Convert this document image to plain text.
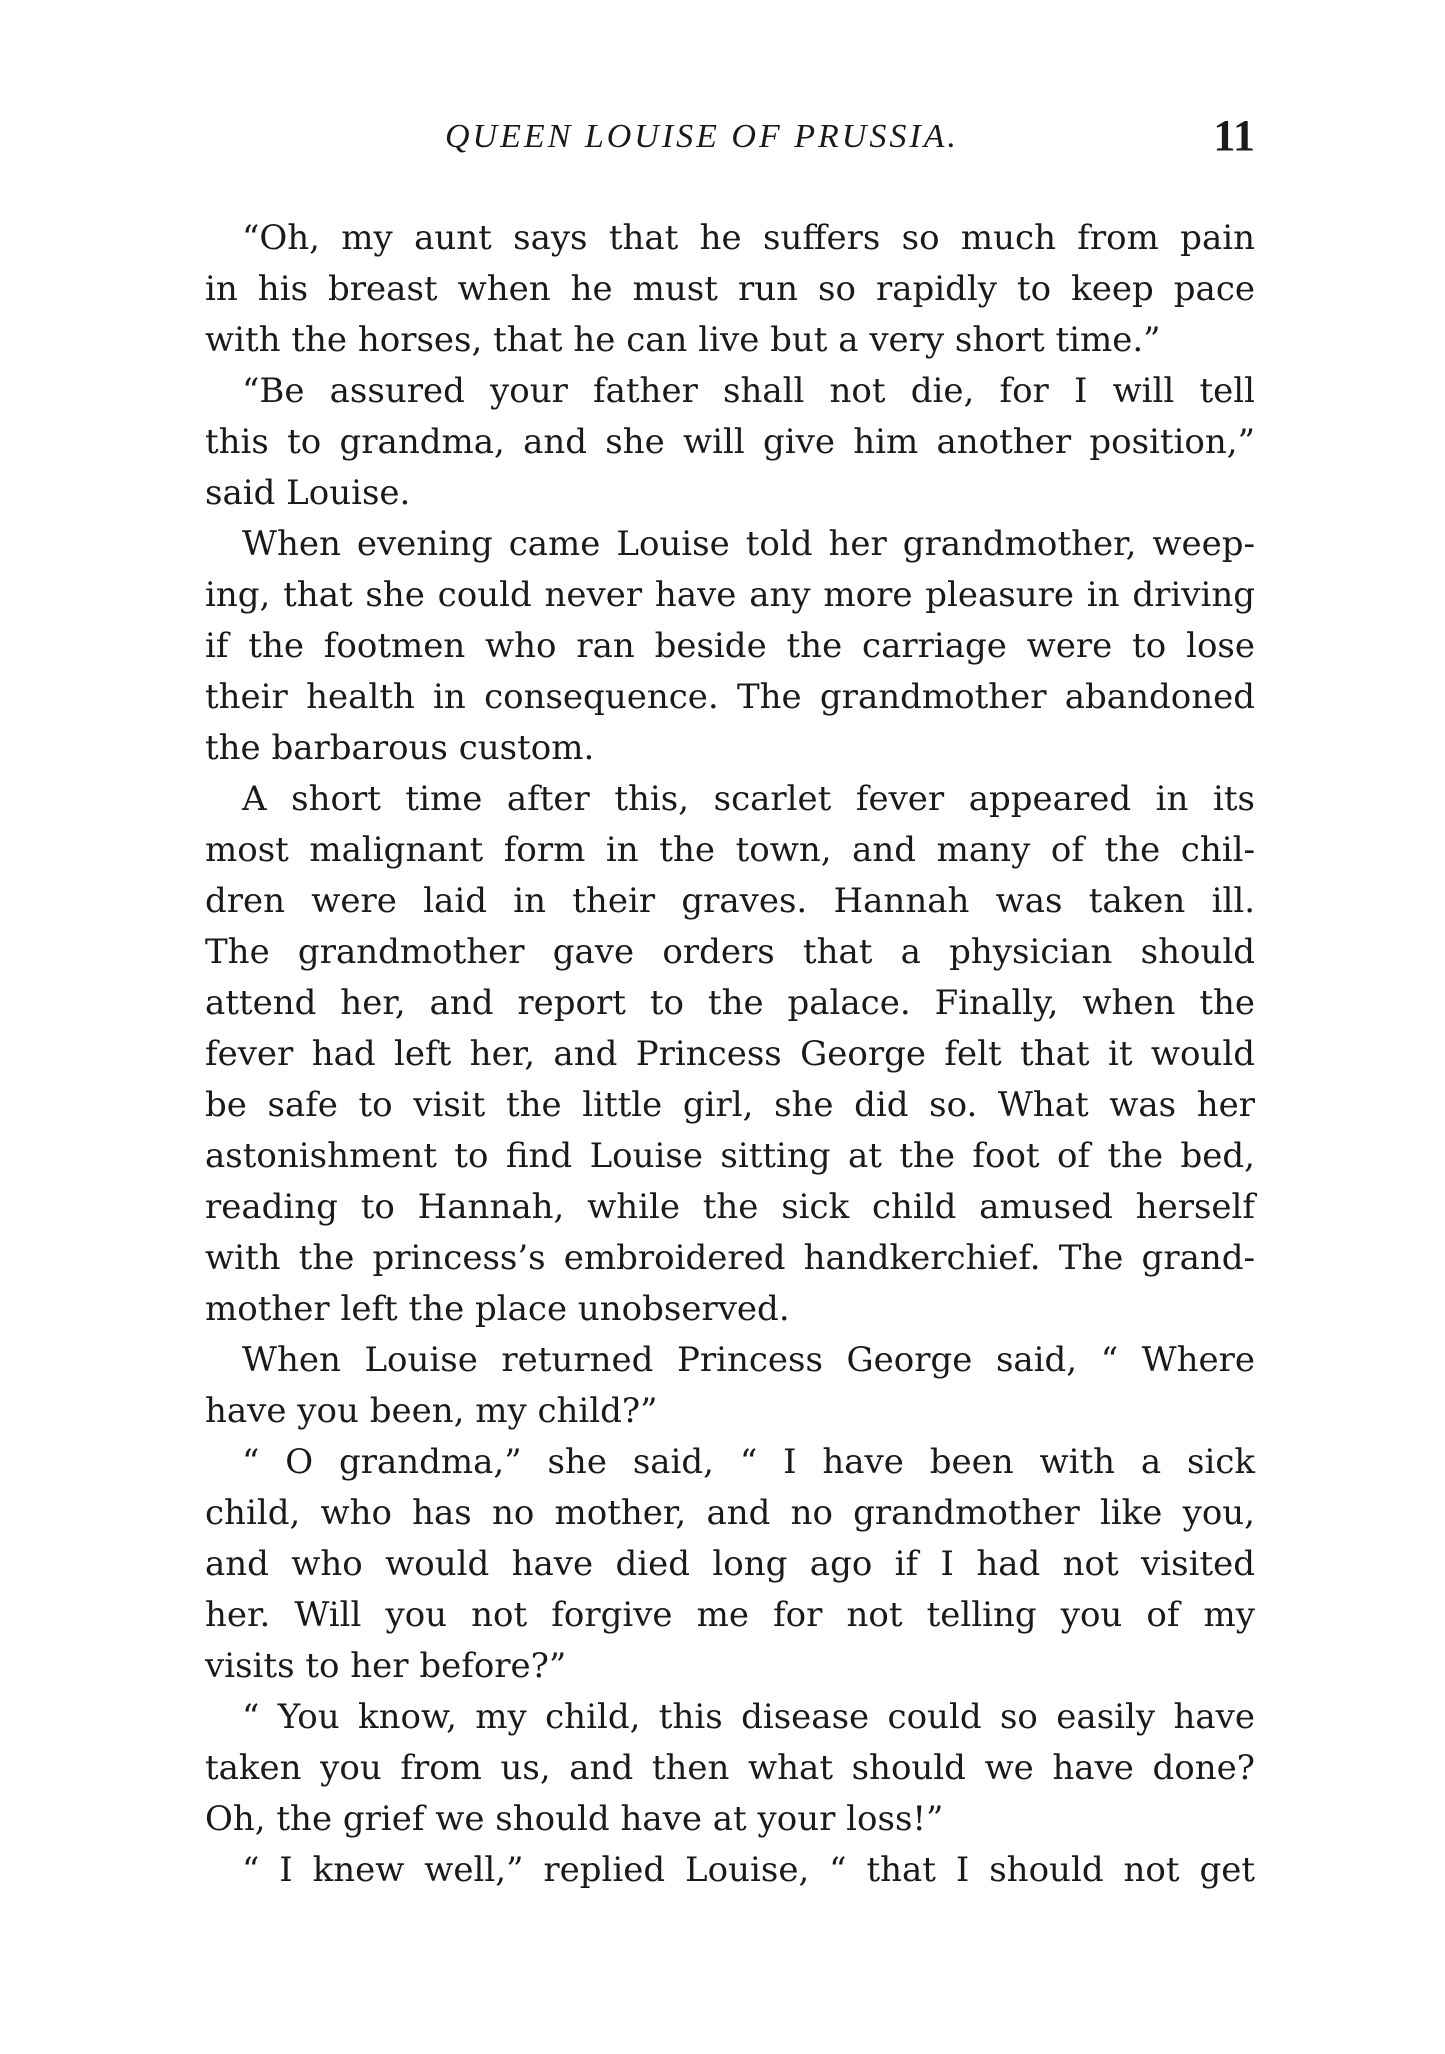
QUEEN LOUISE OF PRUSSIA.	11
“Oh, my aunt says that he suffers so much from pain
in his breast when he must run so rapidly to keep pace
with the horses, that he can live but a very short time.”
“Be assured your father shall not die, for I will tell
this to grandma, and she will give him another position,”
said Louise.
When evening came Louise told her grandmother, weep-
ing, that she could never have any more pleasure in driving
if the footmen who ran beside the carriage were to lose
their health in consequence. The grandmother abandoned
the barbarous custom.
A short time after this, scarlet fever appeared in its
most malignant form in the town, and many of the chil-
dren were laid in their graves. Hannah was taken ill.
The grandmother gave orders that a physician should
attend her, and report to the palace. Finally, when the
fever had left her, and Princess George felt that it would
be safe to visit the little girl, she did so. What was her
astonishment to find Louise sitting at the foot of the bed,
reading to Hannah, while the sick child amused herself
with the princess’s embroidered handkerchief. The grand-
mother left the place unobserved.
When Louise returned Princess George said, “ Where
have you been, my child?”
“ O grandma,” she said, “ I have been with a sick
child, who has no mother, and no grandmother like you,
and who would have died long ago if I had not visited
her. Will you not forgive me for not telling you of my
visits to her before?”
“ You know, my child, this disease could so easily have
taken you from us, and then what should we have done?
Oh, the grief we should have at your loss!”
“ I knew well,” replied Louise, “ that I should not get
